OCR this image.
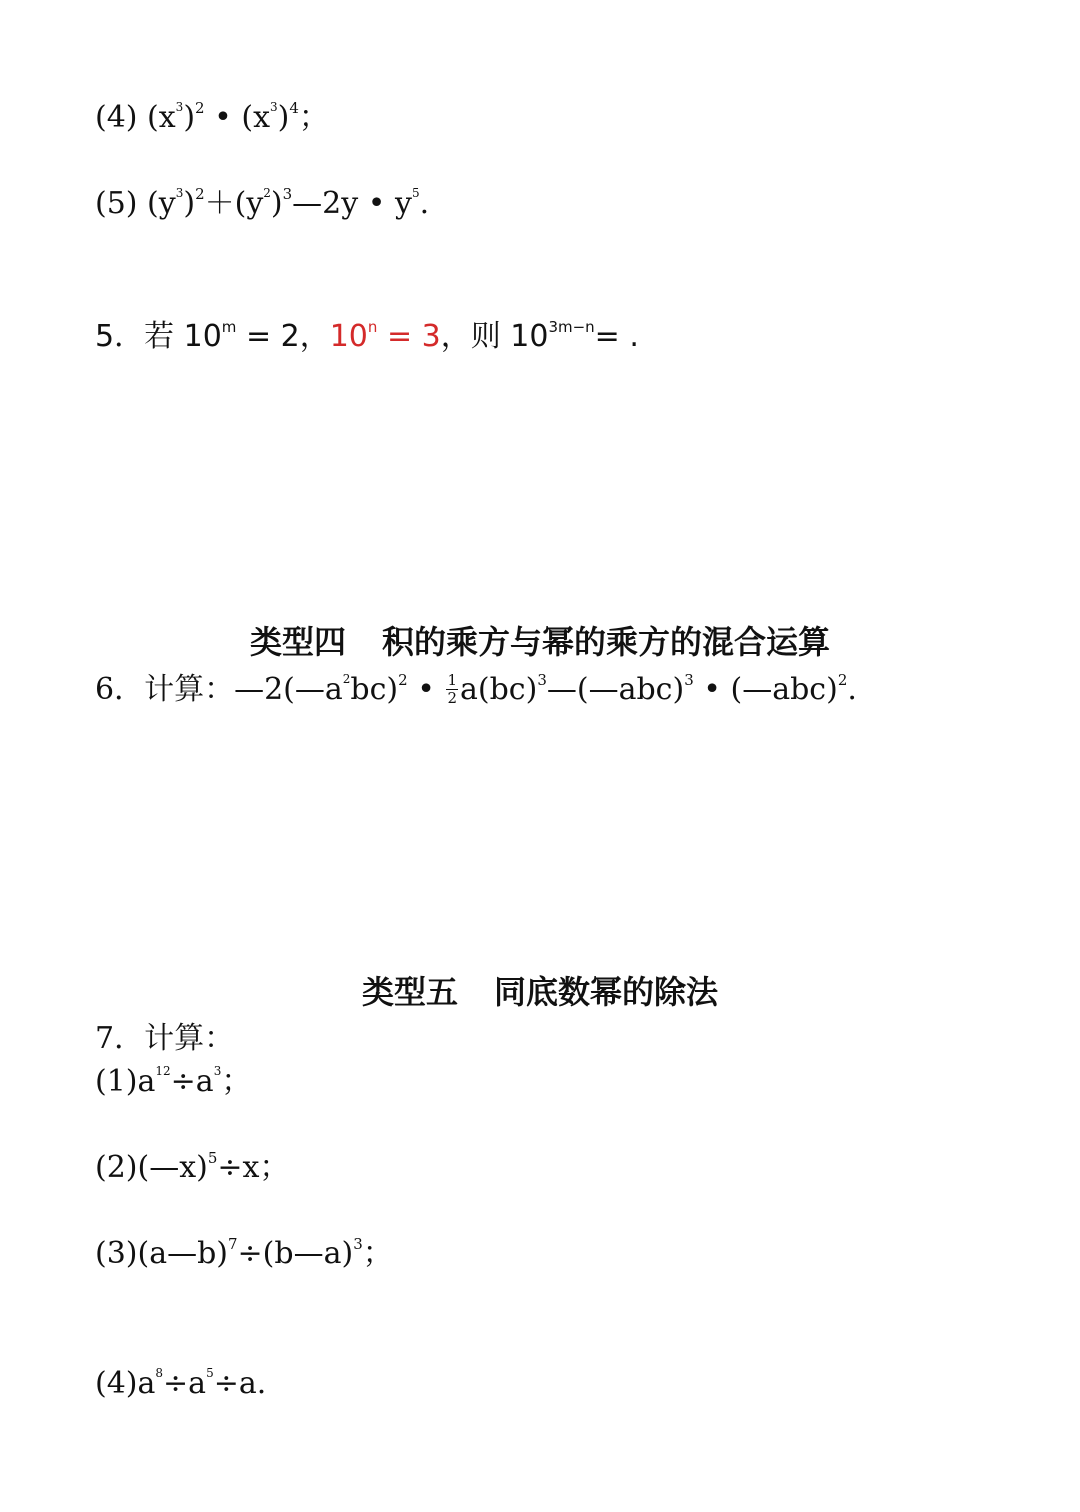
(4) $(x^3)^2$ • $(x^3)^4$；
(5) $(y^3)^2+(y^2)^3—2y$ • $y^5$.
5．若 $10^m = 2$，$10^n = 3$，则 $10^{3m-n}=$ .
类型四 积的乘方与幂的乘方的混合运算
6．计算：$—2(—a^2bc)^2$ • $\frac{1}{2}$ a(bc)$^3$—(—abc)$^3$ • (—abc)$^2$.
类型五 同底数幂的除法
7．计算：
$(1)a^{12}\div a^3$；
(2)(—x)$^5$÷x；
(3)(a—b)$^7$÷(b—a)$^3$；
$(4)a^8\div a^5\div a$.
